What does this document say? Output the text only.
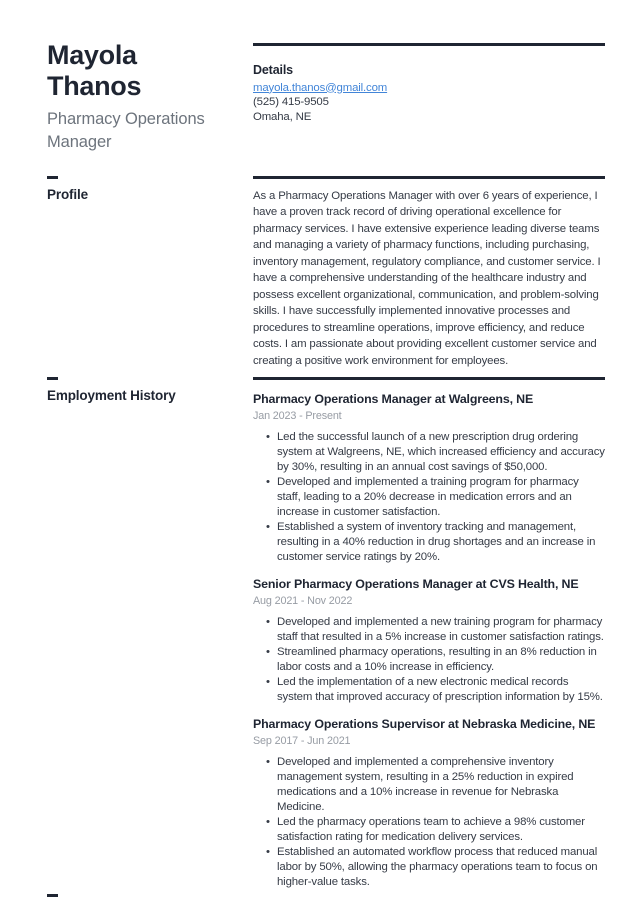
Mayola Thanos
Pharmacy Operations Manager
Details
mayola.thanos@gmail.com
(525) 415-9505
Omaha, NE
Profile	As a Pharmacy Operations Manager with over 6 years of experience, I have a proven track record of driving operational excellence for pharmacy services. I have extensive experience leading diverse teams and managing a variety of pharmacy functions, including purchasing, inventory management, regulatory compliance, and customer service. I have a comprehensive understanding of the healthcare industry and possess excellent organizational, communication, and problem-solving skills. I have successfully implemented innovative processes and procedures to streamline operations, improve efficiency, and reduce costs. I am passionate about providing excellent customer service and creating a positive work environment for employees.
Employment History	Pharmacy Operations Manager at Walgreens, NE
Jan 2023 - Present
• Led the successful launch of a new prescription drug ordering system at Walgreens, NE, which increased efficiency and accuracy by 30%, resulting in an annual cost savings of $50,000.
• Developed and implemented a training program for pharmacy staff, leading to a 20% decrease in medication errors and an increase in customer satisfaction.
• Established a system of inventory tracking and management, resulting in a 40% reduction in drug shortages and an increase in customer service ratings by 20%.
Senior Pharmacy Operations Manager at CVS Health, NE
Aug 2021 - Nov 2022
• Developed and implemented a new training program for pharmacy staff that resulted in a 5% increase in customer satisfaction ratings.
• Streamlined pharmacy operations, resulting in an 8% reduction in labor costs and a 10% increase in efficiency.
• Led the implementation of a new electronic medical records system that improved accuracy of prescription information by 15%.
Pharmacy Operations Supervisor at Nebraska Medicine, NE
Sep 2017 - Jun 2021
• Developed and implemented a comprehensive inventory management system, resulting in a 25% reduction in expired medications and a 10% increase in revenue for Nebraska Medicine.
• Led the pharmacy operations team to achieve a 98% customer satisfaction rating for medication delivery services.
• Established an automated workflow process that reduced manual labor by 50%, allowing the pharmacy operations team to focus on higher-value tasks.
